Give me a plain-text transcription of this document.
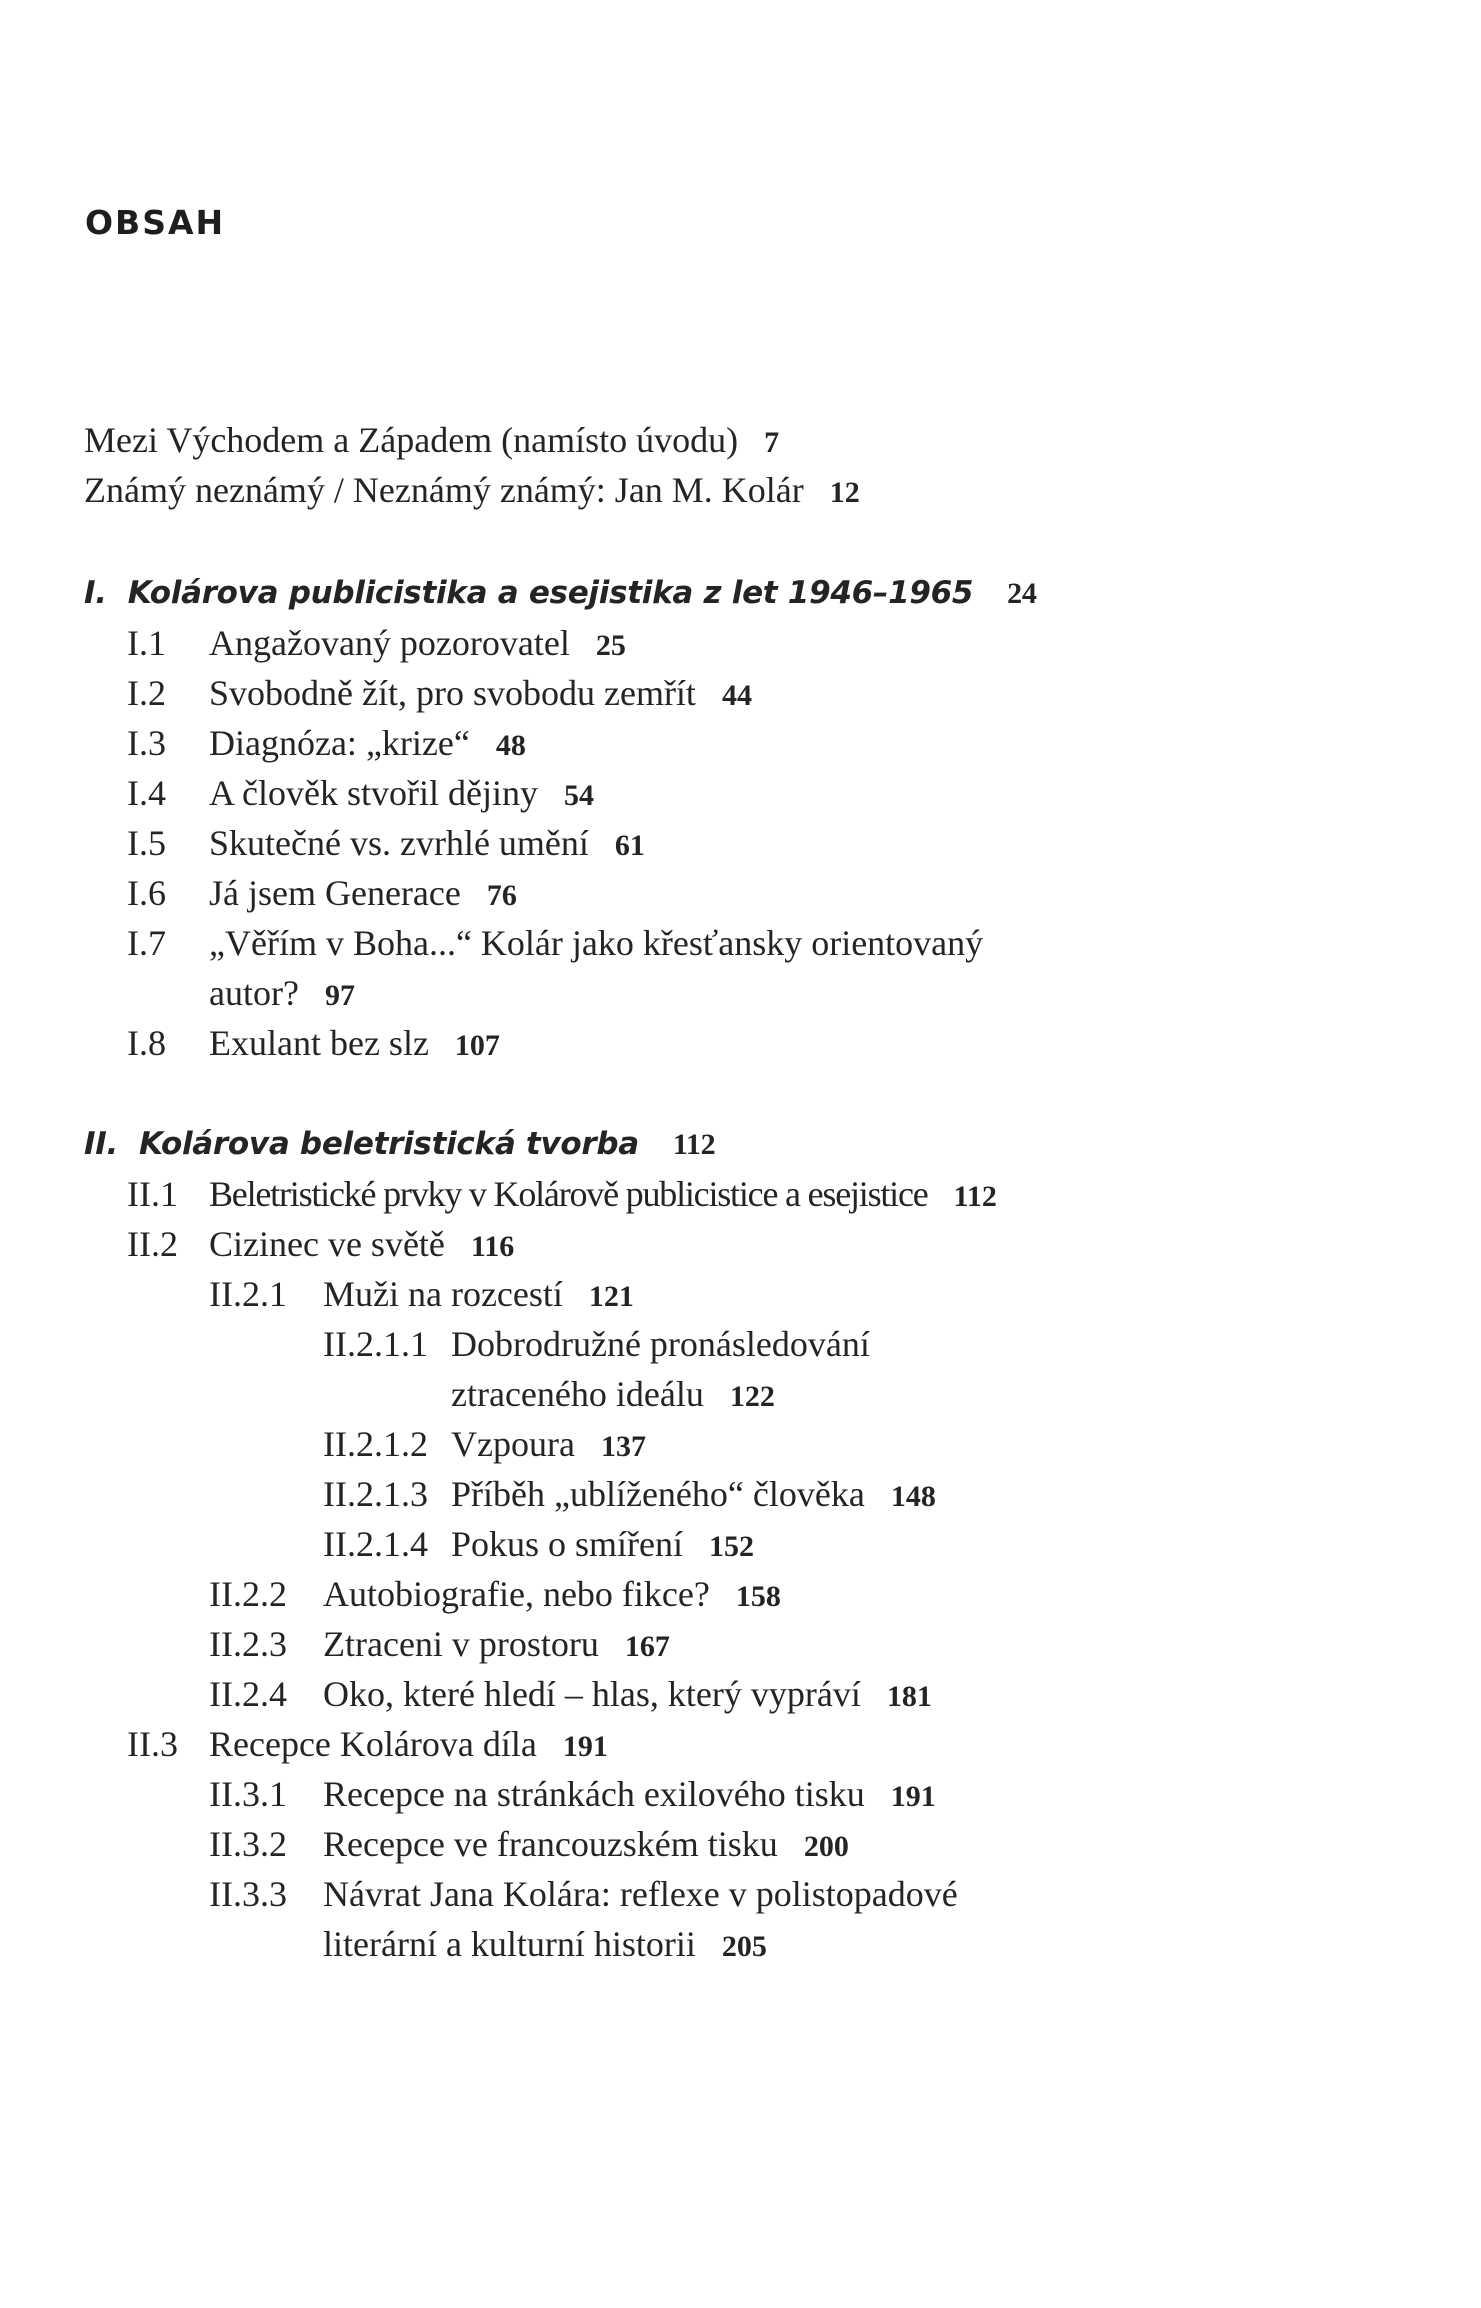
OBSAH
Mezi Východem a Západem (namísto úvodu) 7
Známý neznámý / Neznámý známý: Jan M. Kolár 12
I. Kolárova publicistika a esejistika z let 1946–1965 24
I.1 Angažovaný pozorovatel 25
I.2 Svobodně žít, pro svobodu zemřít 44
I.3 Diagnóza: „krize“ 48
I.4 A člověk stvořil dějiny 54
I.5 Skutečné vs. zvrhlé umění 61
I.6 Já jsem Generace 76
I.7 „Věřím v Boha...“ Kolár jako křesťansky orientovaný
autor? 97
I.8 Exulant bez slz 107
II. Kolárova beletristická tvorba 112
II.1 Beletristické prvky v Kolárově publicistice a esejistice 112
II.2 Cizinec ve světě 116
II.2.1 Muži na rozcestí 121
II.2.1.1 Dobrodružné pronásledování
ztraceného ideálu 122
II.2.1.2 Vzpoura 137
II.2.1.3 Příběh „ublíženého“ člověka 148
II.2.1.4 Pokus o smíření 152
II.2.2 Autobiografie, nebo fikce? 158
II.2.3 Ztraceni v prostoru 167
II.2.4 Oko, které hledí – hlas, který vypráví 181
II.3 Recepce Kolárova díla 191
II.3.1 Recepce na stránkách exilového tisku 191
II.3.2 Recepce ve francouzském tisku 200
II.3.3 Návrat Jana Kolára: reflexe v polistopadové
literární a kulturní historii 205
